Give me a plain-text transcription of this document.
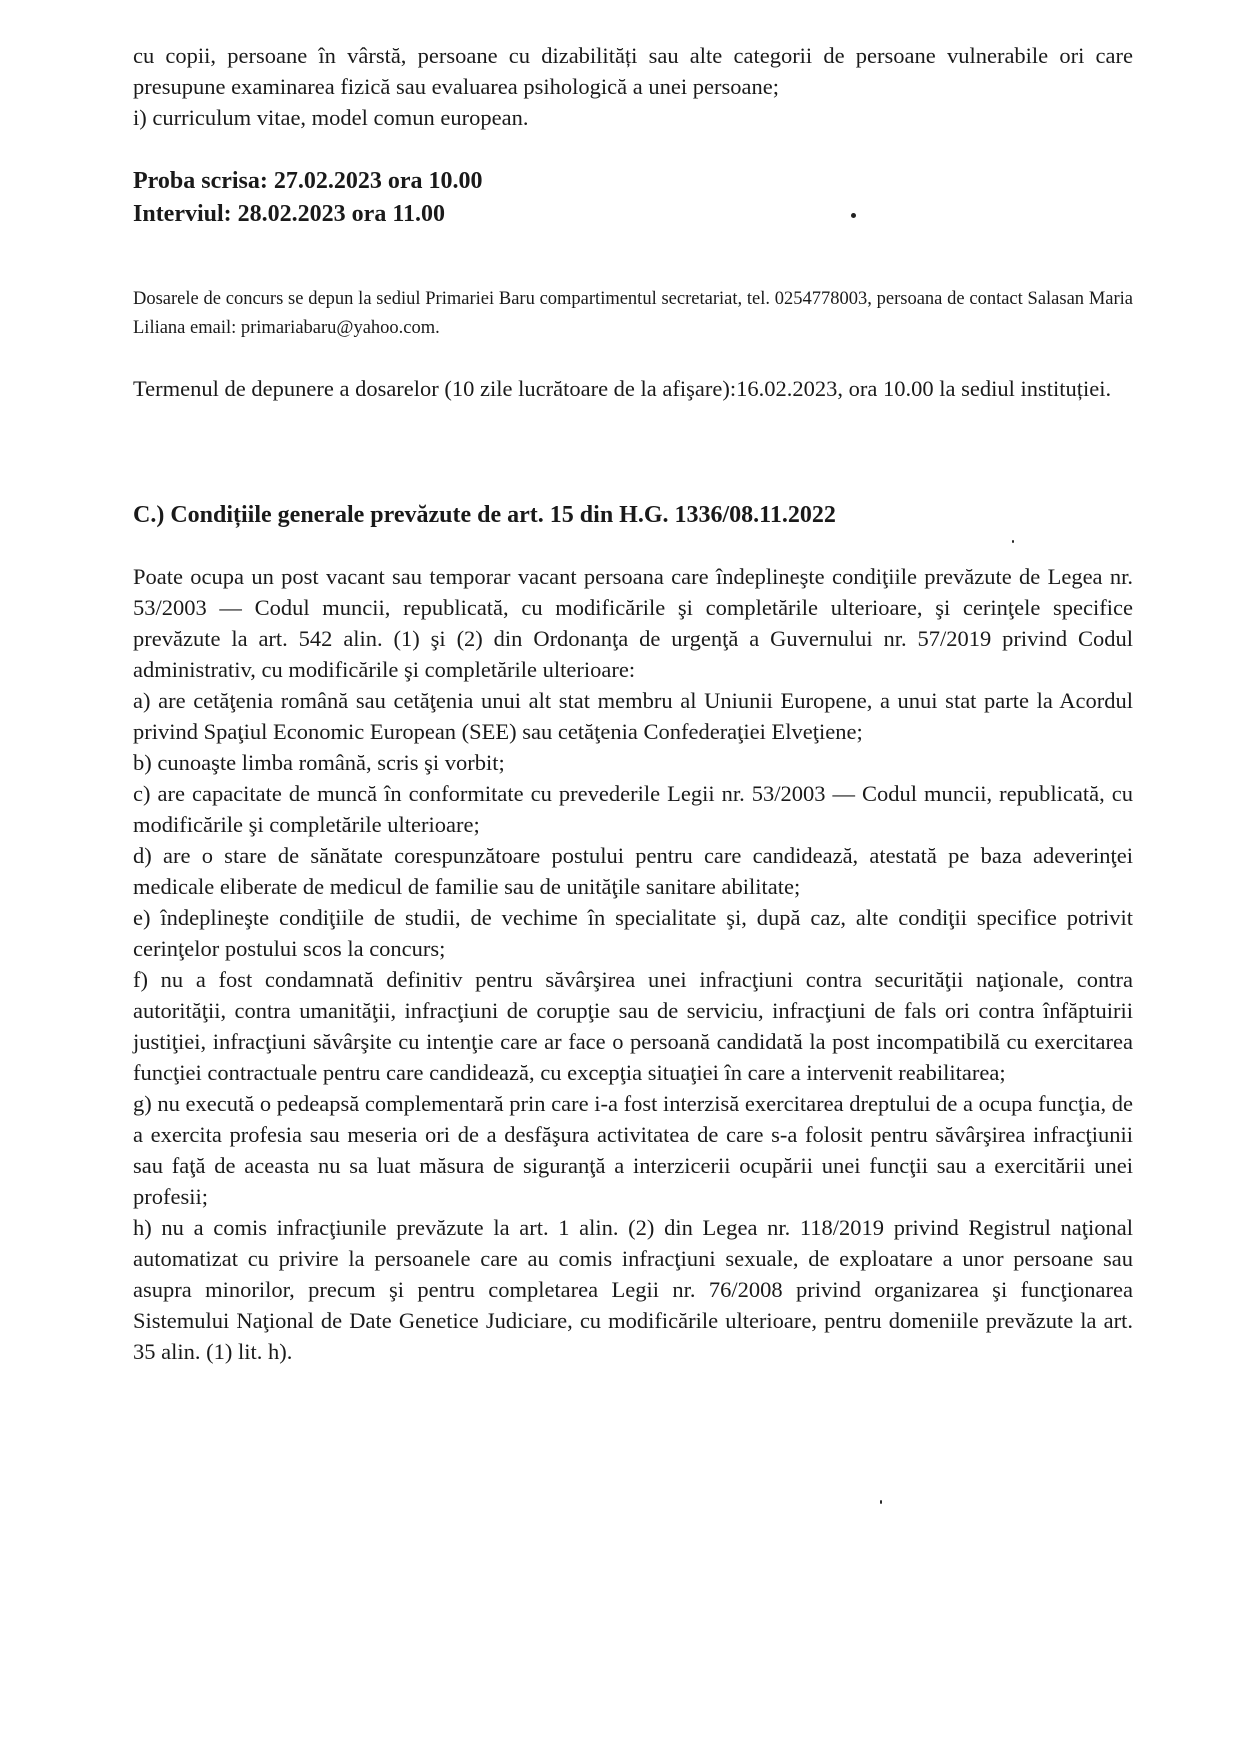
cu copii, persoane în vârstă, persoane cu dizabilități sau alte categorii de persoane vulnerabile ori care presupune examinarea fizică sau evaluarea psihologică a unei persoane;

i) curriculum vitae, model comun european.

Proba scrisa: 27.02.2023 ora 10.00
Interviul: 28.02.2023 ora 11.00

Dosarele de concurs se depun la sediul Primariei Baru compartimentul secretariat, tel. 0254778003, persoana de contact Salasan Maria Liliana email: primariabaru@yahoo.com.

Termenul de depunere a dosarelor (10 zile lucrătoare de la afişare):16.02.2023, ora 10.00 la sediul instituției.

C.) Condițiile generale prevăzute de art. 15 din H.G. 1336/08.11.2022
Poate ocupa un post vacant sau temporar vacant persoana care îndeplineşte condiţiile prevăzute de Legea nr. 53/2003 — Codul muncii, republicată, cu modificările şi completările ulterioare, şi cerinţele specifice prevăzute la art. 542 alin. (1) şi (2) din Ordonanţa de urgenţă a Guvernului nr. 57/2019 privind Codul administrativ, cu modificările şi completările ulterioare:
a) are cetăţenia română sau cetăţenia unui alt stat membru al Uniunii Europene, a unui stat parte la Acordul privind Spaţiul Economic European (SEE) sau cetăţenia Confederaţiei Elveţiene;
b) cunoaşte limba română, scris şi vorbit;
c) are capacitate de muncă în conformitate cu prevederile Legii nr. 53/2003 — Codul muncii, republicată, cu modificările şi completările ulterioare;
d) are o stare de sănătate corespunzătoare postului pentru care candidează, atestată pe baza adeverinţei medicale eliberate de medicul de familie sau de unităţile sanitare abilitate;
e) îndeplineşte condiţiile de studii, de vechime în specialitate şi, după caz, alte condiţii specifice potrivit cerinţelor postului scos la concurs;
f) nu a fost condamnată definitiv pentru săvârşirea unei infracţiuni contra securităţii naţionale, contra autorităţii, contra umanităţii, infracţiuni de corupţie sau de serviciu, infracţiuni de fals ori contra înfăptuirii justiţiei, infracţiuni săvârşite cu intenţie care ar face o persoană candidată la post incompatibilă cu exercitarea funcţiei contractuale pentru care candidează, cu excepţia situaţiei în care a intervenit reabilitarea;
g) nu execută o pedeapsă complementară prin care i-a fost interzisă exercitarea dreptului de a ocupa funcţia, de a exercita profesia sau meseria ori de a desfăşura activitatea de care s-a folosit pentru săvârşirea infracţiunii sau faţă de aceasta nu sa luat măsura de siguranţă a interzicerii ocupării unei funcţii sau a exercitării unei profesii;
h) nu a comis infracţiunile prevăzute la art. 1 alin. (2) din Legea nr. 118/2019 privind Registrul naţional automatizat cu privire la persoanele care au comis infracţiuni sexuale, de exploatare a unor persoane sau asupra minorilor, precum şi pentru completarea Legii nr. 76/2008 privind organizarea şi funcţionarea Sistemului Naţional de Date Genetice Judiciare, cu modificările ulterioare, pentru domeniile prevăzute la art. 35 alin. (1) lit. h).
